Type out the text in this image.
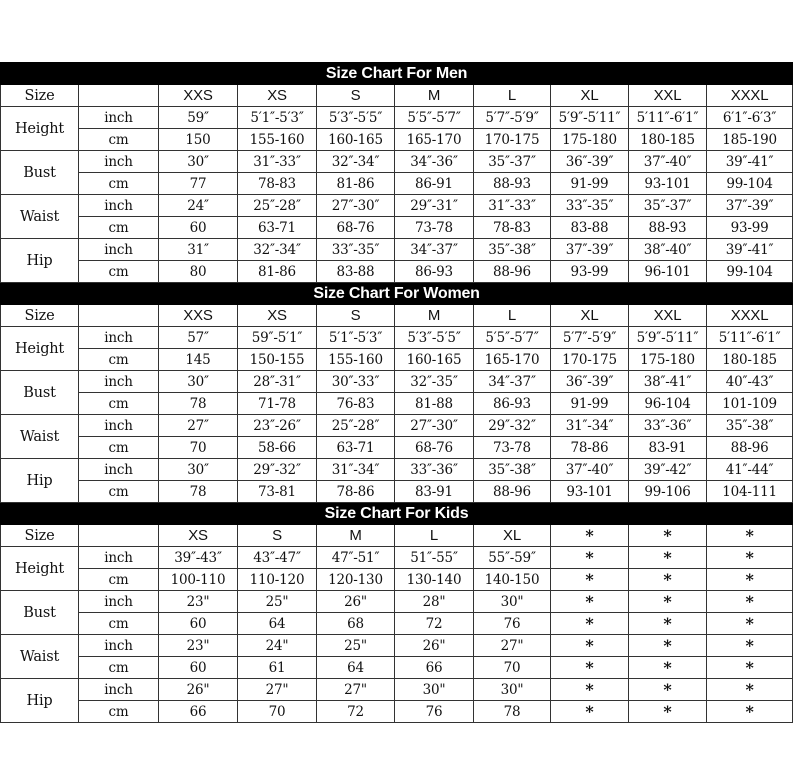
Size Chart For Men									
Size		XXS	XS	S	M	L	XL	XXL	XXXL
Height	inch	59″	5′1″-5′3″	5′3″-5′5″	5′5″-5′7″	5′7″-5′9″	5′9″-5′11″	5′11″-6′1″	6′1″-6′3″
	cm	150	155-160	160-165	165-170	170-175	175-180	180-185	185-190
Bust	inch	30″	31″-33″	32″-34″	34″-36″	35″-37″	36″-39″	37″-40″	39″-41″
	cm	77	78-83	81-86	86-91	88-93	91-99	93-101	99-104
Waist	inch	24″	25″-28″	27″-30″	29″-31″	31″-33″	33″-35″	35″-37″	37″-39″
	cm	60	63-71	68-76	73-78	78-83	83-88	88-93	93-99
Hip	inch	31″	32″-34″	33″-35″	34″-37″	35″-38″	37″-39″	38″-40″	39″-41″
	cm	80	81-86	83-88	86-93	88-96	93-99	96-101	99-104
Size Chart For Women									
Size		XXS	XS	S	M	L	XL	XXL	XXXL
Height	inch	57″	59″-5′1″	5′1″-5′3″	5′3″-5′5″	5′5″-5′7″	5′7″-5′9″	5′9″-5′11″	5′11″-6′1″
	cm	145	150-155	155-160	160-165	165-170	170-175	175-180	180-185
Bust	inch	30″	28″-31″	30″-33″	32″-35″	34″-37″	36″-39″	38″-41″	40″-43″
	cm	78	71-78	76-83	81-88	86-93	91-99	96-104	101-109
Waist	inch	27″	23″-26″	25″-28″	27″-30″	29″-32″	31″-34″	33″-36″	35″-38″
	cm	70	58-66	63-71	68-76	73-78	78-86	83-91	88-96
Hip	inch	30″	29″-32″	31″-34″	33″-36″	35″-38″	37″-40″	39″-42″	41″-44″
	cm	78	73-81	78-86	83-91	88-96	93-101	99-106	104-111
Size Chart For Kids									
Size		XS	S	M	L	XL	*	*	*
Height	inch	39″-43″	43″-47″	47″-51″	51″-55″	55″-59″	*	*	*
	cm	100-110	110-120	120-130	130-140	140-150	*	*	*
Bust	inch	23"	25"	26"	28"	30"	*	*	*
	cm	60	64	68	72	76	*	*	*
Waist	inch	23"	24"	25"	26"	27"	*	*	*
	cm	60	61	64	66	70	*	*	*
Hip	inch	26"	27"	27"	30"	30"	*	*	*
	cm	66	70	72	76	78	*	*	*
